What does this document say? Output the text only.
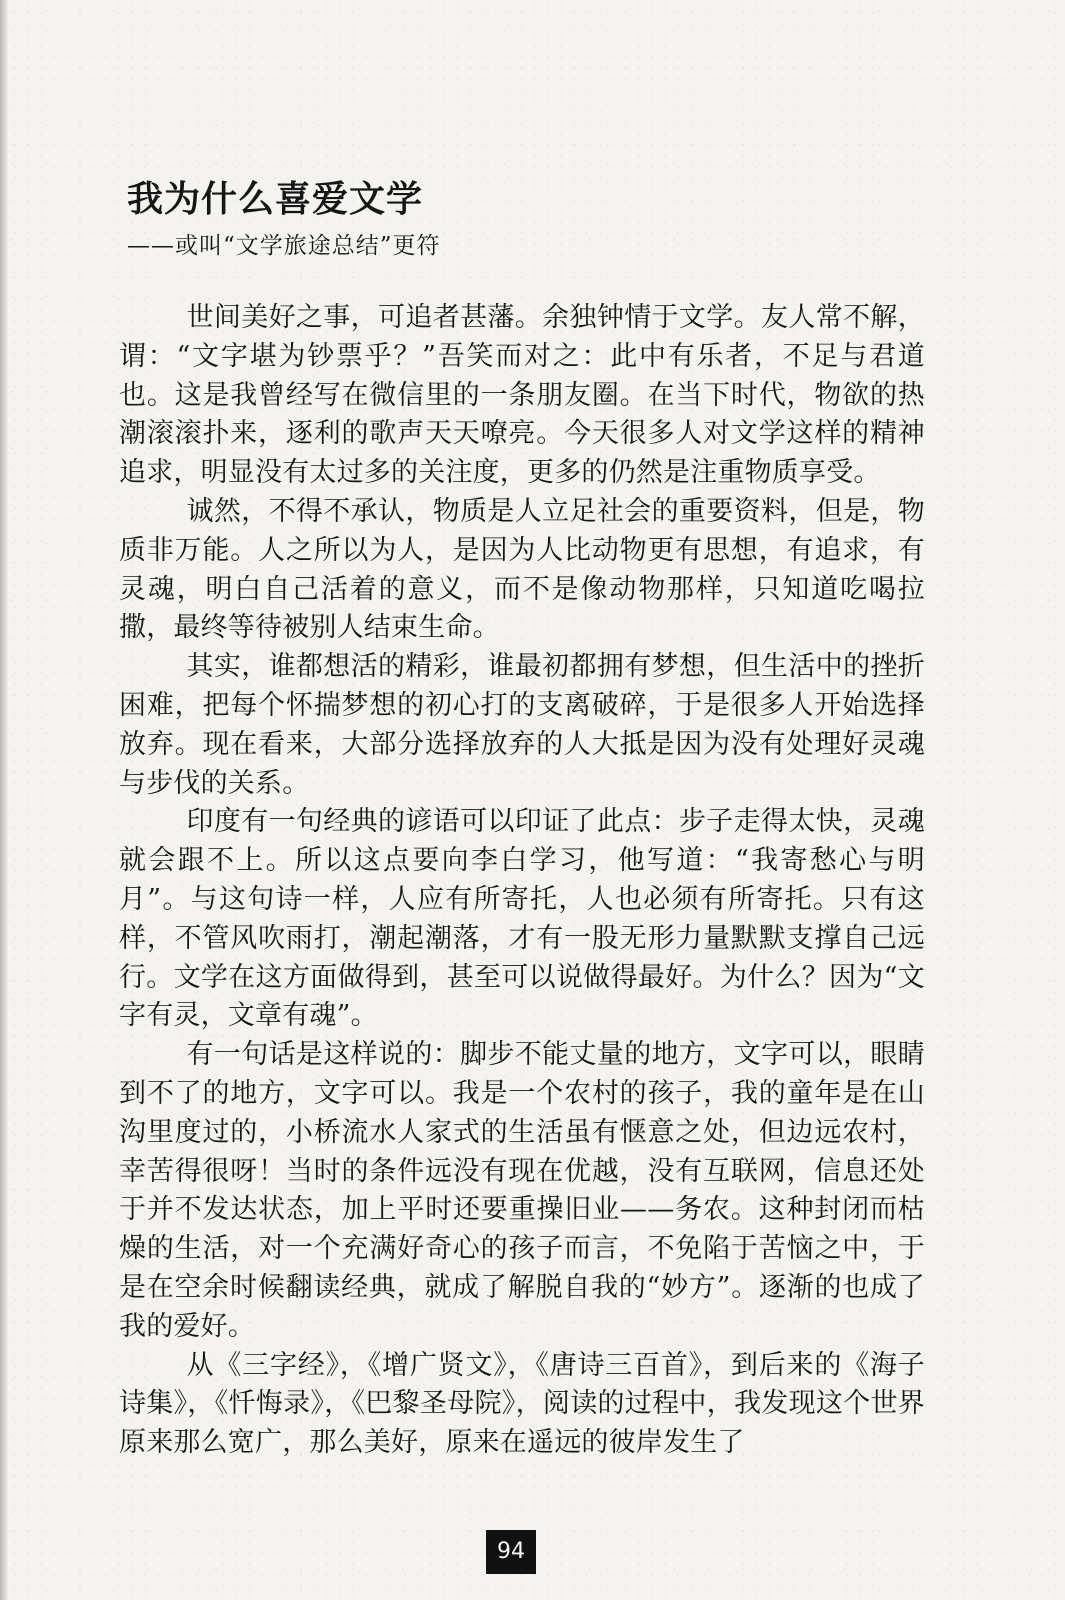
我为什么喜爱文学
——或叫“文学旅途总结”更符

世间美好之事，可追者甚藩。余独钟情于文学。友人常不解，谓：“文字堪为钞票乎？”吾笑而对之：此中有乐者，不足与君道也。这是我曾经写在微信里的一条朋友圈。在当下时代，物欲的热潮滚滚扑来，逐利的歌声天天嘹亮。今天很多人对文学这样的精神追求，明显没有太过多的关注度，更多的仍然是注重物质享受。

诚然，不得不承认，物质是人立足社会的重要资料，但是，物质非万能。人之所以为人，是因为人比动物更有思想，有追求，有灵魂，明白自己活着的意义，而不是像动物那样，只知道吃喝拉撒，最终等待被别人结束生命。

其实，谁都想活的精彩，谁最初都拥有梦想，但生活中的挫折困难，把每个怀揣梦想的初心打的支离破碎，于是很多人开始选择放弃。现在看来，大部分选择放弃的人大抵是因为没有处理好灵魂与步伐的关系。

印度有一句经典的谚语可以印证了此点：步子走得太快，灵魂就会跟不上。所以这点要向李白学习，他写道：“我寄愁心与明月”。与这句诗一样，人应有所寄托，人也必须有所寄托。只有这样，不管风吹雨打，潮起潮落，才有一股无形力量默默支撑自己远行。文学在这方面做得到，甚至可以说做得最好。为什么？因为“文字有灵，文章有魂”。

有一句话是这样说的：脚步不能丈量的地方，文字可以，眼睛到不了的地方，文字可以。我是一个农村的孩子，我的童年是在山沟里度过的，小桥流水人家式的生活虽有惬意之处，但边远农村，幸苦得很呀！当时的条件远没有现在优越，没有互联网，信息还处于并不发达状态，加上平时还要重操旧业——务农。这种封闭而枯燥的生活，对一个充满好奇心的孩子而言，不免陷于苦恼之中，于是在空余时候翻读经典，就成了解脱自我的“妙方”。逐渐的也成了我的爱好。

从《三字经》，《增广贤文》，《唐诗三百首》，到后来的《海子诗集》，《忏悔录》，《巴黎圣母院》，阅读的过程中，我发现这个世界原来那么宽广，那么美好，原来在遥远的彼岸发生了

94
